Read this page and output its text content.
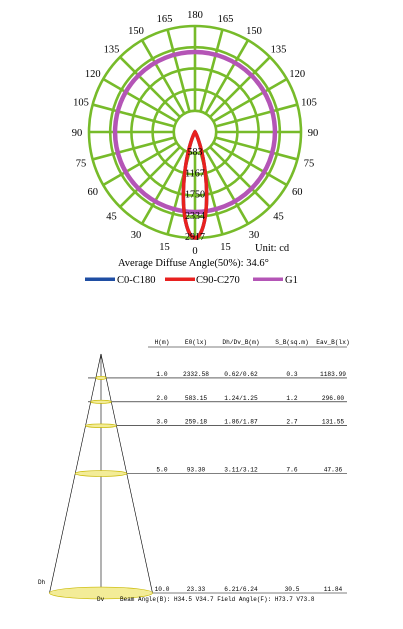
180 165
165
150
150
135
135
120
120
105
105
90
90
75
75
60
60
45
45
30
30
15
15 0
583
1167
1750
2334
2917
Unit: cd
Average Diffuse Angle(50%): 34.6°
C0-C180	C90-C270	G1
H(m) E0(lx) Dh/Dv_B(m)	S_B(sq.m) Eav_B(lx)
1.0 2332.58 0.62/0.62	0.3	1183.99
2.0	583.15	1.24/1.25	1.2	296.00
3.0	259.18	1.86/1.87	2.7	131.55
5.0	93.30	3.11/3.12	7.6	47.36
10.0	23.33	6.21/6.24	30.5	11.84
Dh
Dv	Beam Angle(B): H34.5 V34.7 Field Angle(F): H73.7 V73.8
